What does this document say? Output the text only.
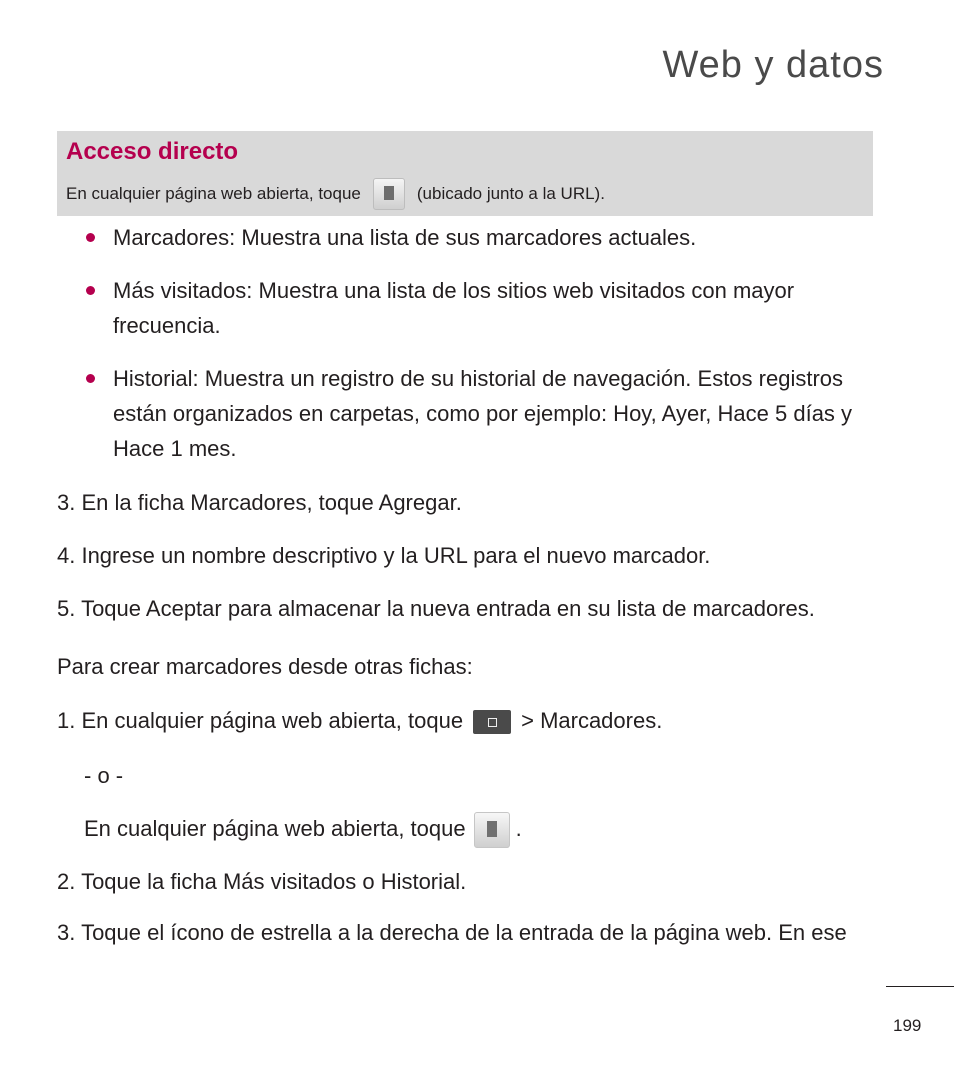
Web y datos
Acceso directo
En cualquier página web abierta, toque	(ubicado junto a la URL).
Marcadores: Muestra una lista de sus marcadores actuales.
Más visitados: Muestra una lista de los sitios web visitados con mayor
frecuencia.
Historial: Muestra un registro de su historial de navegación. Estos registros
están organizados en carpetas, como por ejemplo: Hoy, Ayer, Hace 5 días y
Hace 1 mes.
3. En la ficha Marcadores, toque Agregar.
4. Ingrese un nombre descriptivo y la URL para el nuevo marcador.
5. Toque Aceptar para almacenar la nueva entrada en su lista de marcadores.
Para crear marcadores desde otras fichas:
1. En cualquier página web abierta, toque	> Marcadores.
- o -
En cualquier página web abierta, toque .
2. Toque la ficha Más visitados o Historial.
3. Toque el ícono de estrella a la derecha de la entrada de la página web. En ese
199
